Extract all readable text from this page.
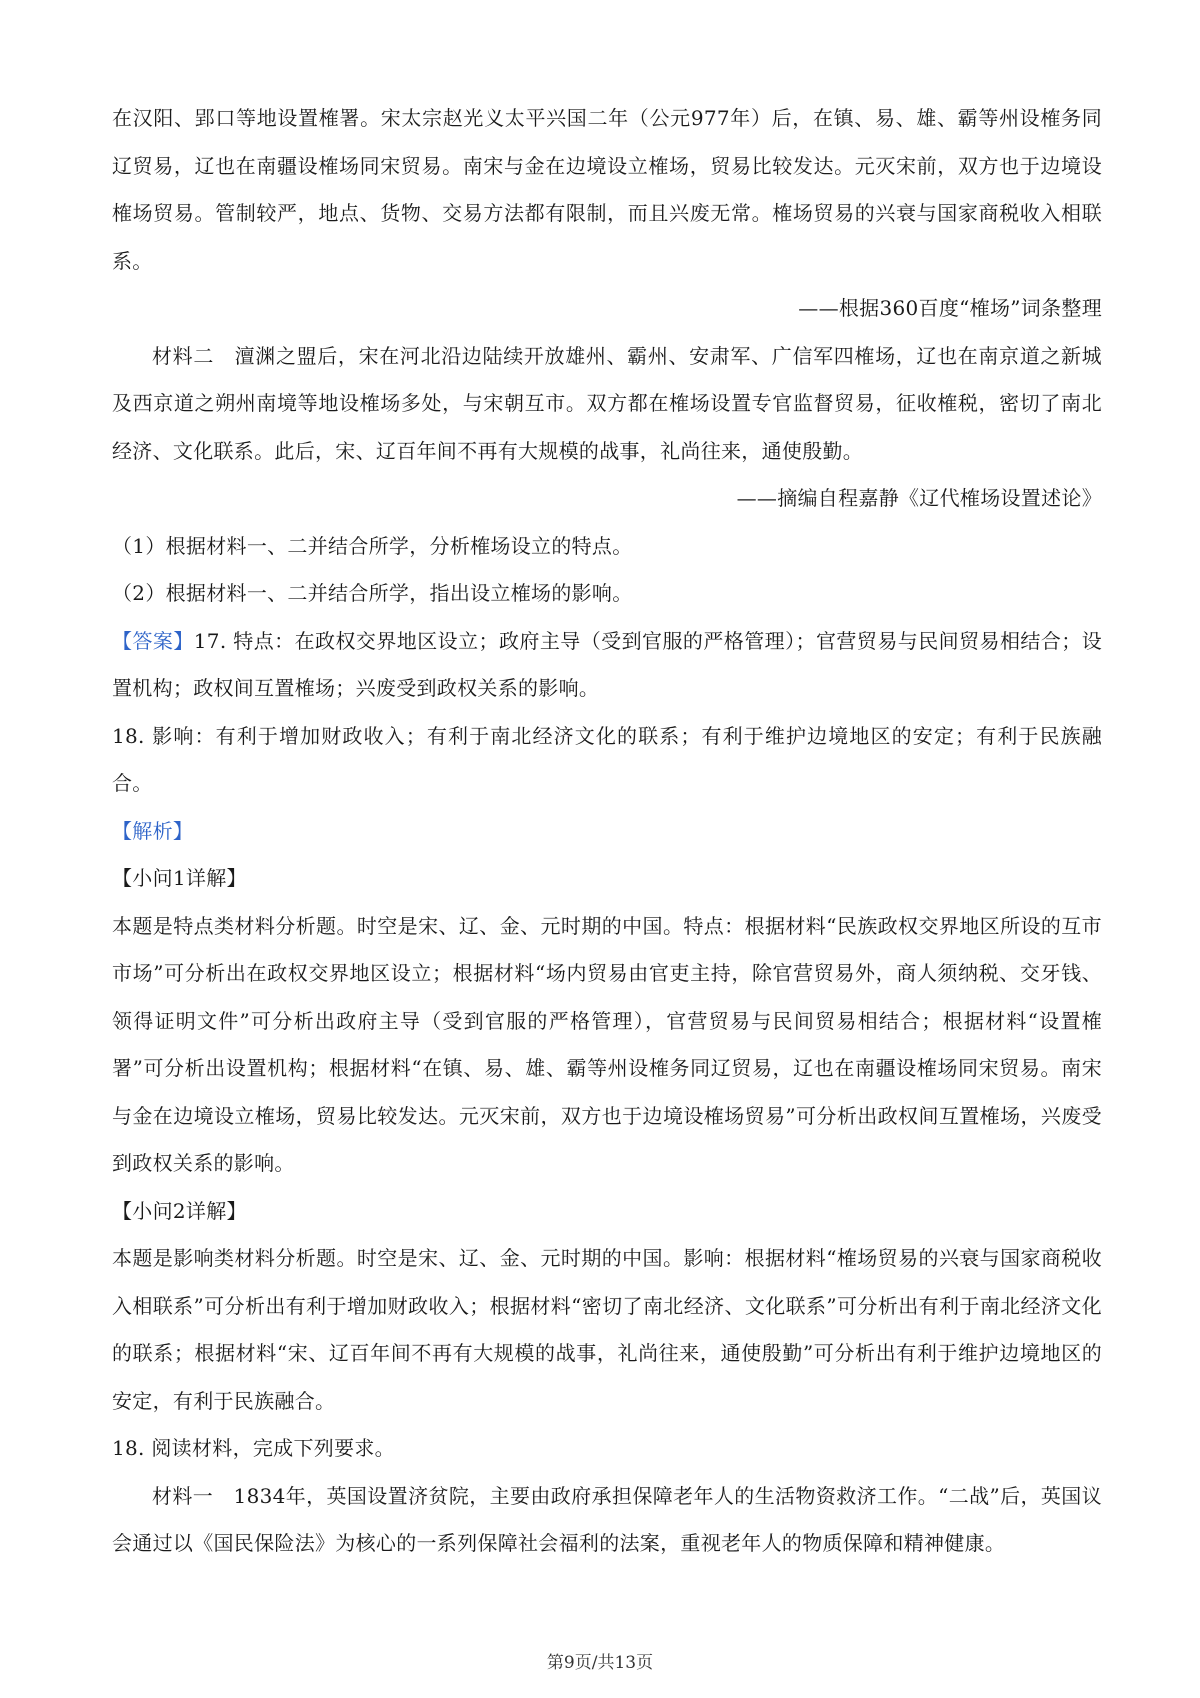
在汉阳、郢口等地设置榷署。宋太宗赵光义太平兴国二年（公元977年）后，在镇、易、雄、霸等州设榷务同辽贸易，辽也在南疆设榷场同宋贸易。南宋与金在边境设立榷场，贸易比较发达。元灭宋前，双方也于边境设榷场贸易。管制较严，地点、货物、交易方法都有限制，而且兴废无常。榷场贸易的兴衰与国家商税收入相联系。

——根据360百度“榷场”词条整理

材料二　澶渊之盟后，宋在河北沿边陆续开放雄州、霸州、安肃军、广信军四榷场，辽也在南京道之新城及西京道之朔州南境等地设榷场多处，与宋朝互市。双方都在榷场设置专官监督贸易，征收榷税，密切了南北经济、文化联系。此后，宋、辽百年间不再有大规模的战事，礼尚往来，通使殷勤。

——摘编自程嘉静《辽代榷场设置述论》

（1）根据材料一、二并结合所学，分析榷场设立的特点。

（2）根据材料一、二并结合所学，指出设立榷场的影响。

【答案】17. 特点：在政权交界地区设立；政府主导（受到官服的严格管理）；官营贸易与民间贸易相结合；设置机构；政权间互置榷场；兴废受到政权关系的影响。

18. 影响：有利于增加财政收入；有利于南北经济文化的联系；有利于维护边境地区的安定；有利于民族融合。

【解析】

【小问1详解】

本题是特点类材料分析题。时空是宋、辽、金、元时期的中国。特点：根据材料“民族政权交界地区所设的互市市场”可分析出在政权交界地区设立；根据材料“场内贸易由官吏主持，除官营贸易外，商人须纳税、交牙钱、领得证明文件”可分析出政府主导（受到官服的严格管理），官营贸易与民间贸易相结合；根据材料“设置榷署”可分析出设置机构；根据材料“在镇、易、雄、霸等州设榷务同辽贸易，辽也在南疆设榷场同宋贸易。南宋与金在边境设立榷场，贸易比较发达。元灭宋前，双方也于边境设榷场贸易”可分析出政权间互置榷场，兴废受到政权关系的影响。

【小问2详解】

本题是影响类材料分析题。时空是宋、辽、金、元时期的中国。影响：根据材料“榷场贸易的兴衰与国家商税收入相联系”可分析出有利于增加财政收入；根据材料“密切了南北经济、文化联系”可分析出有利于南北经济文化的联系；根据材料“宋、辽百年间不再有大规模的战事，礼尚往来，通使殷勤”可分析出有利于维护边境地区的安定，有利于民族融合。

18. 阅读材料，完成下列要求。

材料一　1834年，英国设置济贫院，主要由政府承担保障老年人的生活物资救济工作。“二战”后，英国议会通过以《国民保险法》为核心的一系列保障社会福利的法案，重视老年人的物质保障和精神健康。

第9页/共13页
